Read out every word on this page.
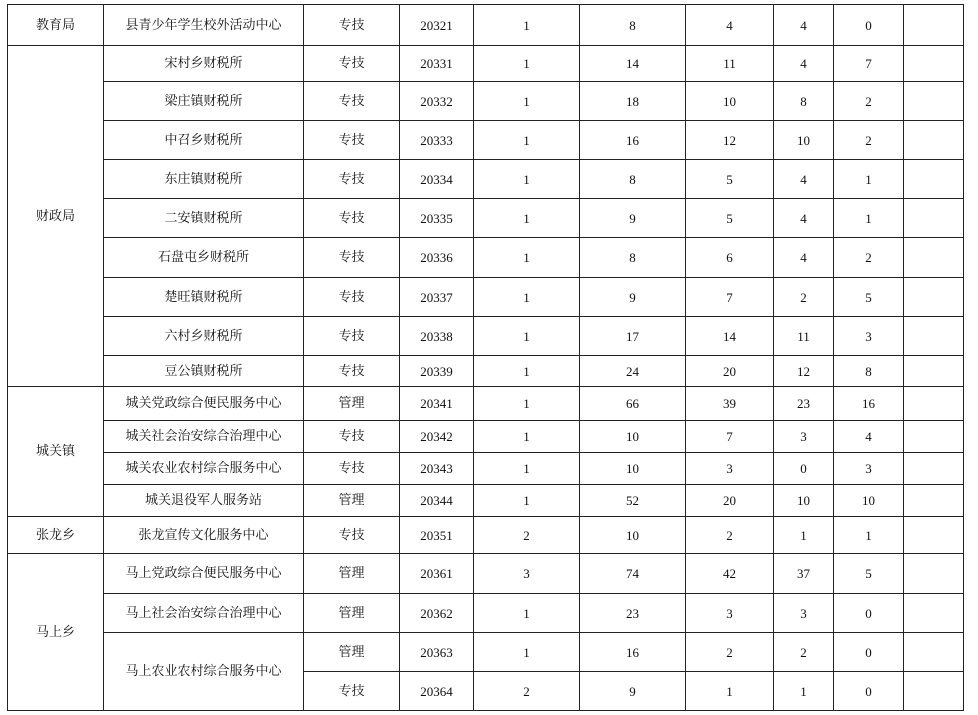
教育局	县青少年学生校外活动中心	专技	20321	1	8	4	4	0	
财政局	宋村乡财税所	专技	20331	1	14	11	4	7	
	梁庄镇财税所	专技	20332	1	18	10	8	2	
	中召乡财税所	专技	20333	1	16	12	10	2	
	东庄镇财税所	专技	20334	1	8	5	4	1	
	二安镇财税所	专技	20335	1	9	5	4	1	
	石盘屯乡财税所	专技	20336	1	8	6	4	2	
	楚旺镇财税所	专技	20337	1	9	7	2	5	
	六村乡财税所	专技	20338	1	17	14	11	3	
	豆公镇财税所	专技	20339	1	24	20	12	8	
城关镇	城关党政综合便民服务中心	管理	20341	1	66	39	23	16	
	城关社会治安综合治理中心	专技	20342	1	10	7	3	4	
	城关农业农村综合服务中心	专技	20343	1	10	3	0	3	
	城关退役军人服务站	管理	20344	1	52	20	10	10	
张龙乡	张龙宣传文化服务中心	专技	20351	2	10	2	1	1	
马上乡	马上党政综合便民服务中心	管理	20361	3	74	42	37	5	
	马上社会治安综合治理中心	管理	20362	1	23	3	3	0	
	马上农业农村综合服务中心	管理	20363	1	16	2	2	0	
		专技	20364	2	9	1	1	0	
